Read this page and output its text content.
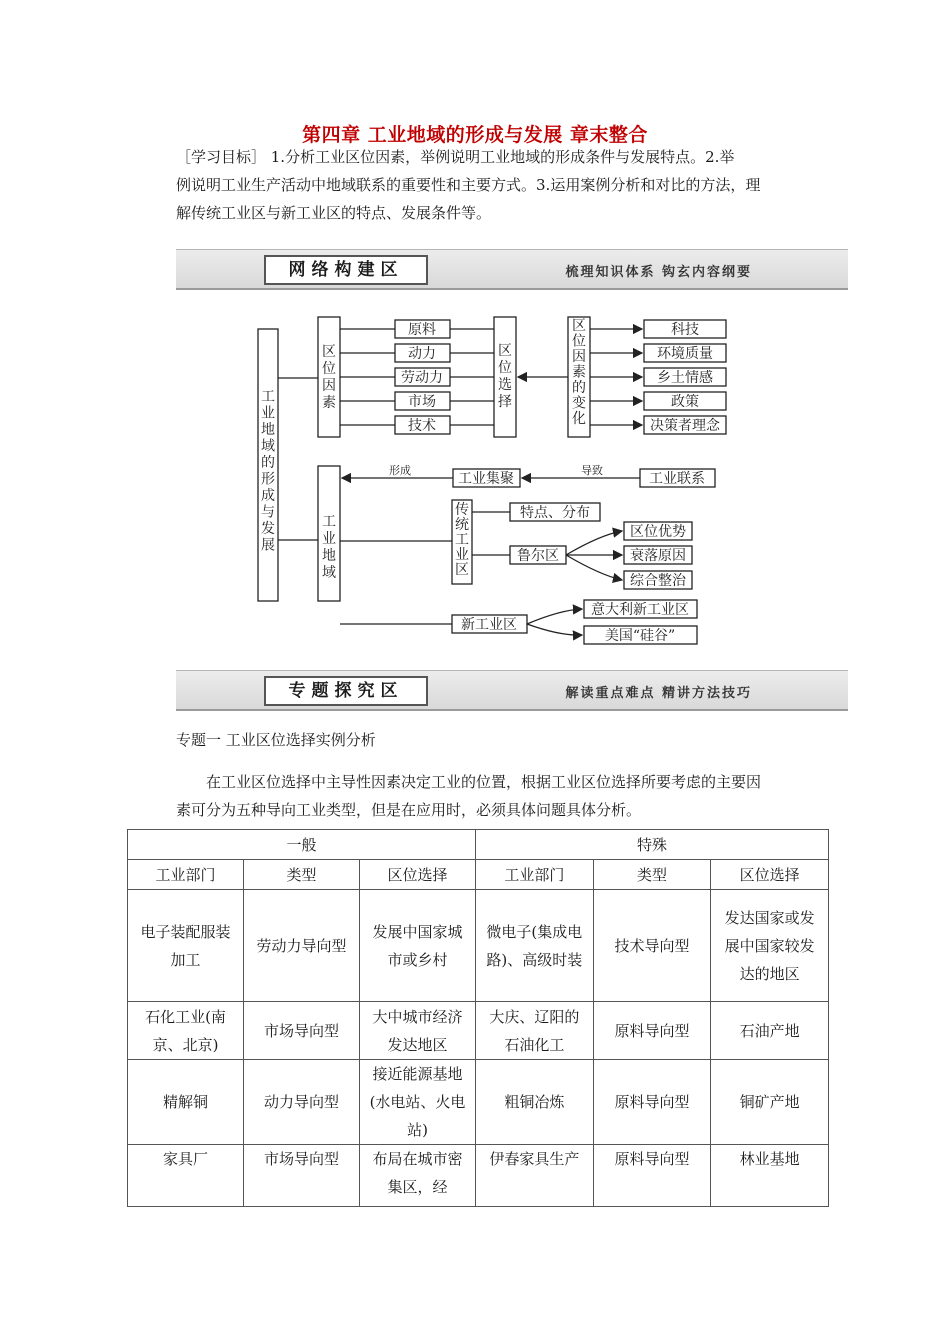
第四章 工业地域的形成与发展 章末整合
［学习目标］ 1.分析工业区位因素，举例说明工业地域的形成条件与发展特点。2.举
例说明工业生产活动中地域联系的重要性和主要方式。3.运用案例分析和对比的方法，理
解传统工业区与新工业区的特点、发展条件等。
网络构建区	梳理知识体系 钩玄内容纲要
工业地域的形成与发展
区位因素
区位选择
区位因素的变化
工业地域
传统工业区
原料
动力
劳动力
市场
技术
科技
环境质量
乡土情感
政策
决策者理念
形成
工业集聚
导致
工业联系
特点、分布
鲁尔区
区位优势
衰落原因
综合整治
新工业区
意大利新工业区
美国“硅谷”
专题探究区	解读重点难点 精讲方法技巧
专题一 工业区位选择实例分析
在工业区位选择中主导性因素决定工业的位置，根据工业区位选择所要考虑的主要因
素可分为五种导向工业类型，但是在应用时，必须具体问题具体分析。
一般			特殊		
工业部门	类型	区位选择	工业部门	类型	区位选择
电子装配服装加工	劳动力导向型	发展中国家城市或乡村	微电子(集成电路)、高级时装	技术导向型	发达国家或发展中国家较发达的地区
石化工业(南京、北京)	市场导向型	大中城市经济发达地区	大庆、辽阳的石油化工	原料导向型	石油产地
精解铜	动力导向型	接近能源基地(水电站、火电站)	粗铜冶炼	原料导向型	铜矿产地
家具厂	市场导向型	布局在城市密集区，经	伊春家具生产	原料导向型	林业基地
